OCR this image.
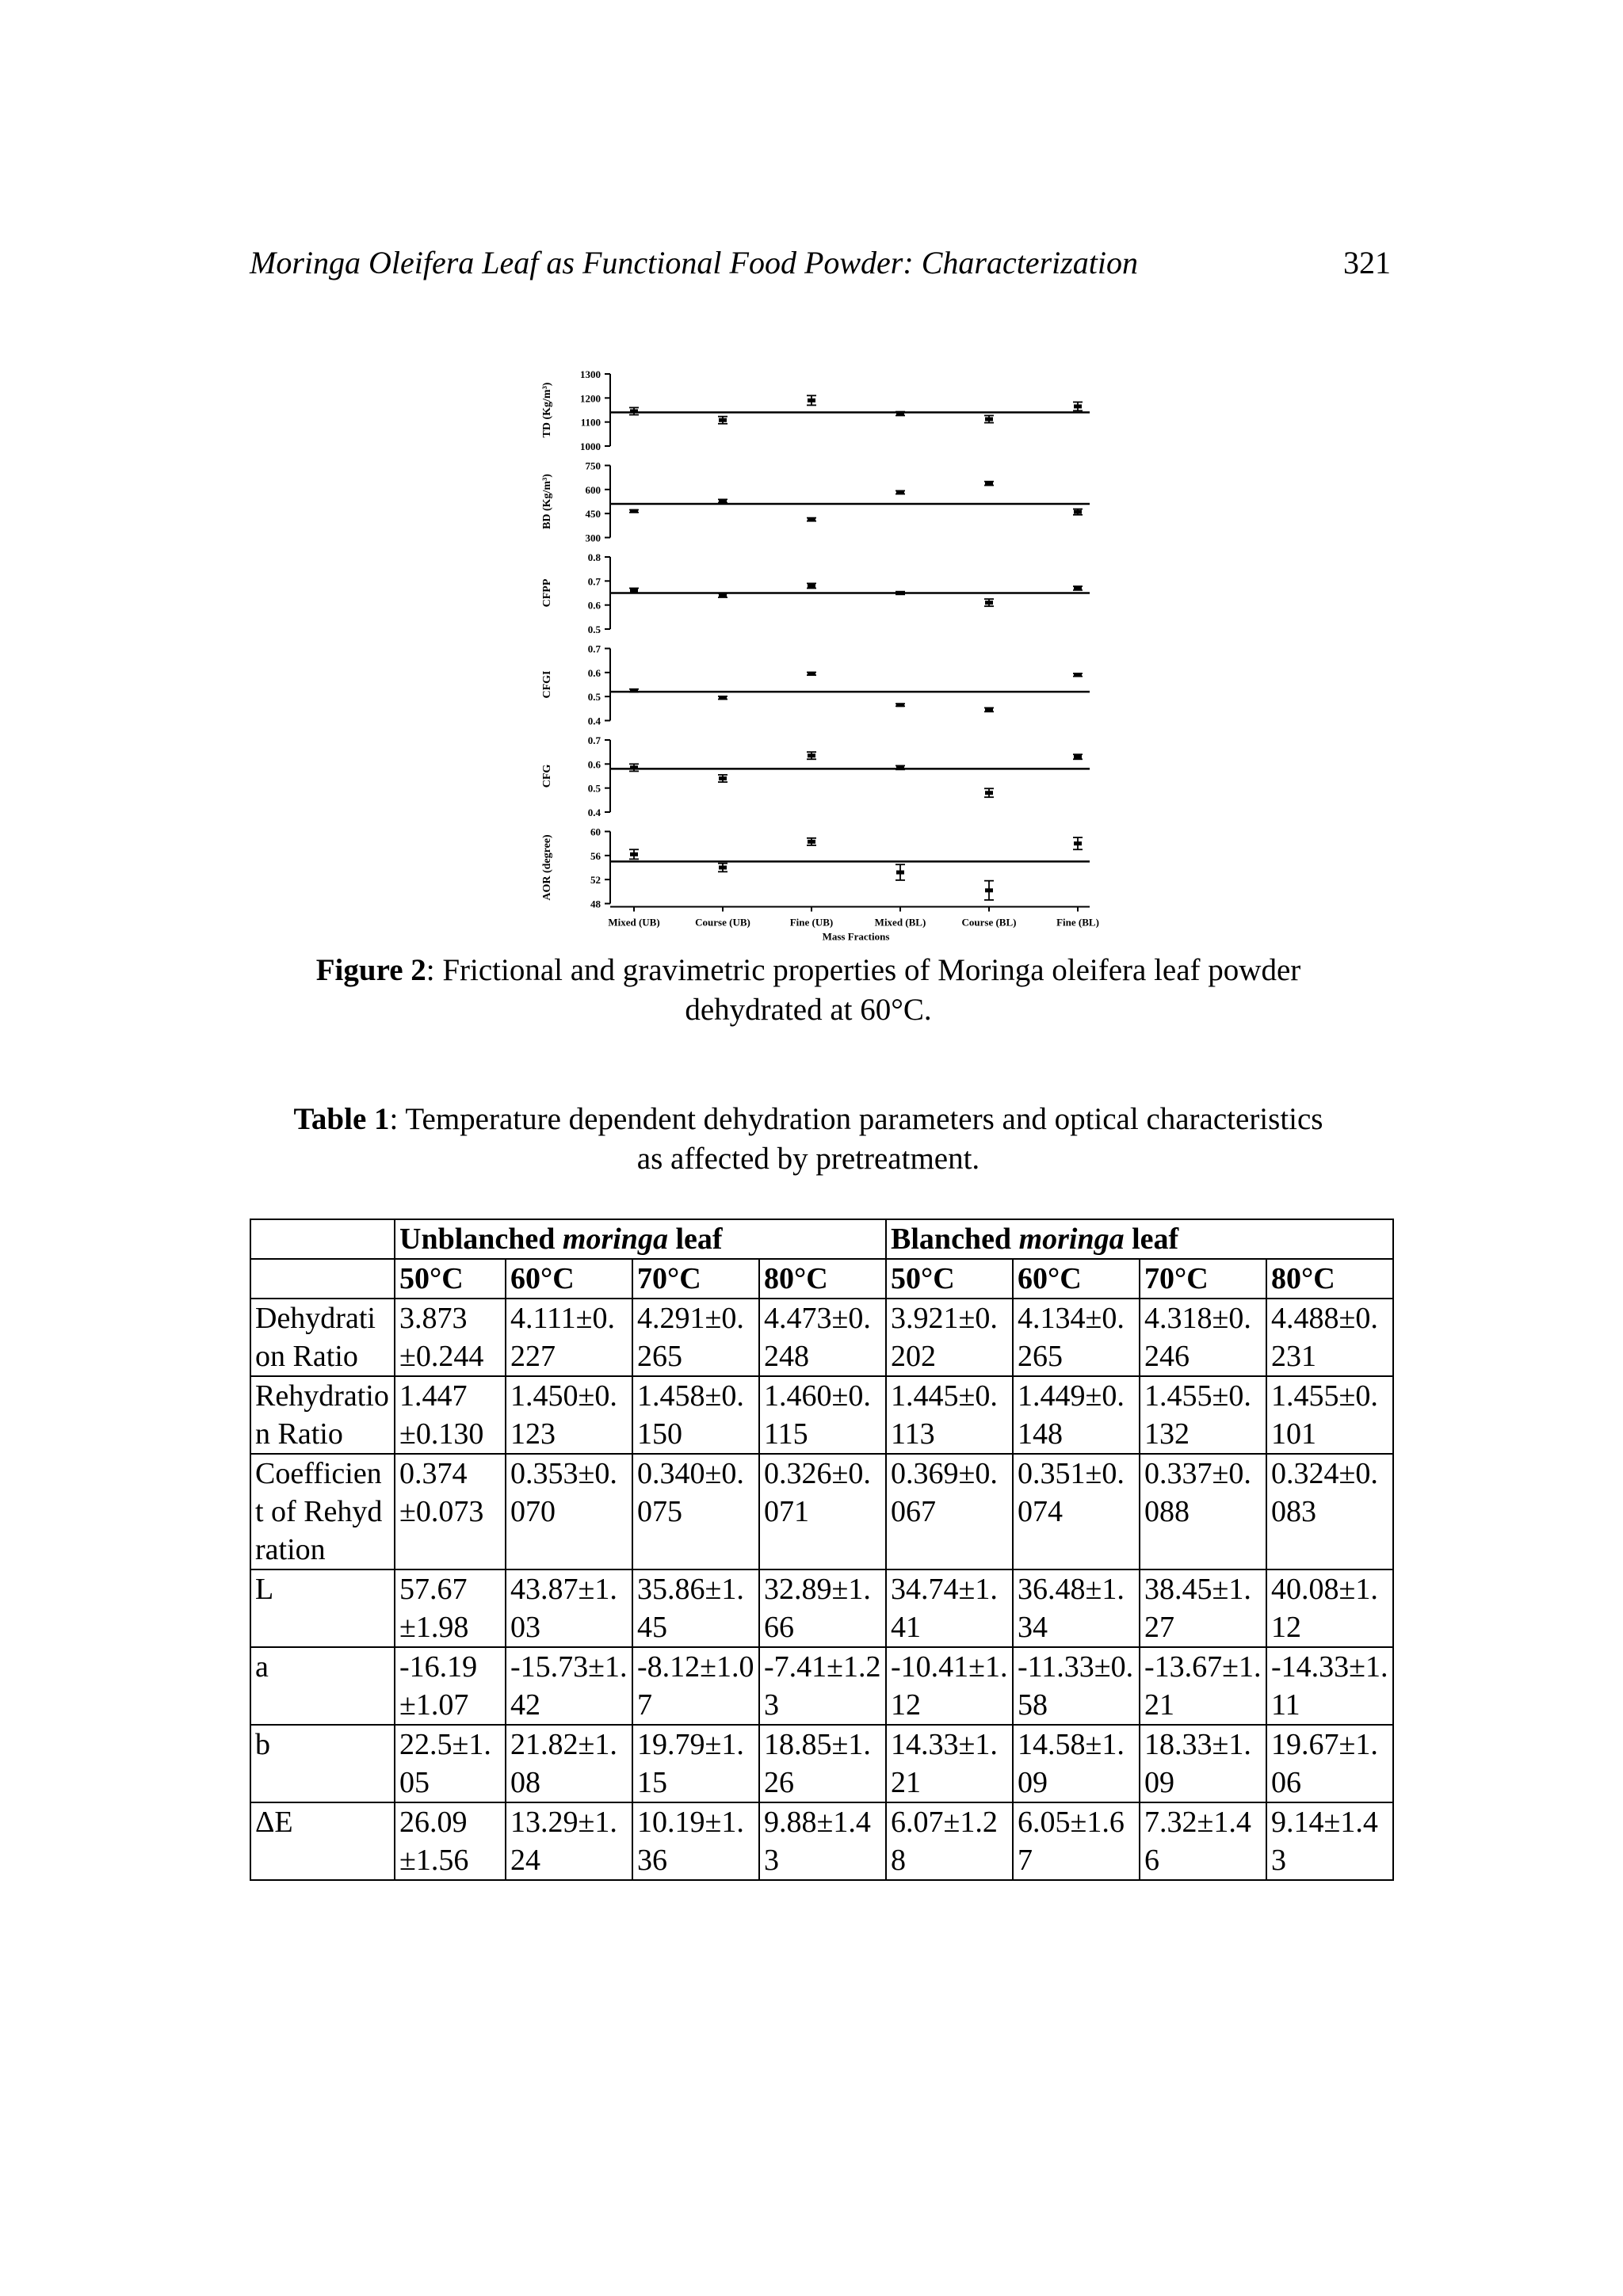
Moringa Oleifera Leaf as Functional Food Powder: Characterization	321
1000
1100
1200
1300
TD (Kg/m³)
300
450
600
750
BD (Kg/m³)
0.5
0.6
0.7
0.8
CFPP
0.4
0.5
0.6
0.7
CFGI
0.4
0.5
0.6
0.7
CFG
48
52
56
60
AOR (degree)
Mixed (UB)	Course (UB)	Fine (UB)	Mixed (BL)	Course (BL)	Fine (BL)
Mass Fractions
Figure 2: Frictional and gravimetric properties of Moringa oleifera leaf powder dehydrated at 60°C.
Table 1: Temperature dependent dehydration parameters and optical characteristics as affected by pretreatment.
	Unblanched moringa leaf				Blanched moringa leaf			
	50°C	60°C	70°C	80°C	50°C	60°C	70°C	80°C
Dehydration Ratio	3.873±0.244	4.111±0.227	4.291±0.265	4.473±0.248	3.921±0.202	4.134±0.265	4.318±0.246	4.488±0.231
Rehydration Ratio	1.447±0.130	1.450±0.123	1.458±0.150	1.460±0.115	1.445±0.113	1.449±0.148	1.455±0.132	1.455±0.101
Coefficient of Rehydration	0.374±0.073	0.353±0.070	0.340±0.075	0.326±0.071	0.369±0.067	0.351±0.074	0.337±0.088	0.324±0.083
L	57.67±1.98	43.87±1.03	35.86±1.45	32.89±1.66	34.74±1.41	36.48±1.34	38.45±1.27	40.08±1.12
a	-16.19±1.07	-15.73±1.42	-8.12±1.07	-7.41±1.23	-10.41±1.12	-11.33±0.58	-13.67±1.21	-14.33±1.11
b	22.5±1.05	21.82±1.08	19.79±1.15	18.85±1.26	14.33±1.21	14.58±1.09	18.33±1.09	19.67±1.06
ΔE	26.09±1.56	13.29±1.24	10.19±1.36	9.88±1.43	6.07±1.28	6.05±1.67	7.32±1.46	9.14±1.43
